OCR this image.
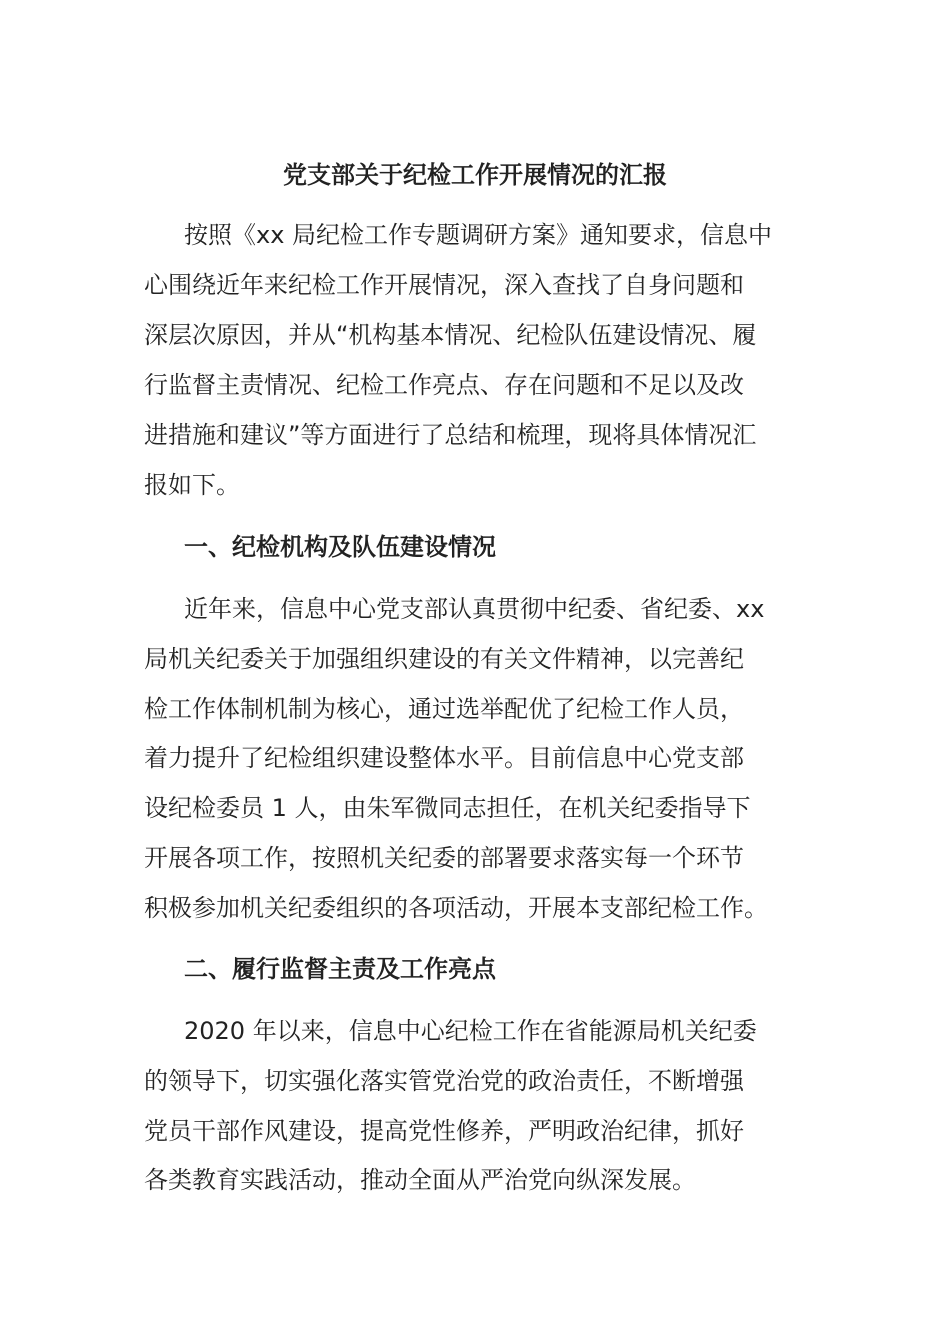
党支部关于纪检工作开展情况的汇报

按照《xx 局纪检工作专题调研方案》通知要求，信息中

心围绕近年来纪检工作开展情况，深入查找了自身问题和

深层次原因，并从“机构基本情况、纪检队伍建设情况、履

行监督主责情况、纪检工作亮点、存在问题和不足以及改

进措施和建议”等方面进行了总结和梳理，现将具体情况汇

报如下。

一、纪检机构及队伍建设情况

近年来，信息中心党支部认真贯彻中纪委、省纪委、xx

局机关纪委关于加强组织建设的有关文件精神，以完善纪

检工作体制机制为核心，通过选举配优了纪检工作人员，

着力提升了纪检组织建设整体水平。目前信息中心党支部

设纪检委员 1 人，由朱军微同志担任，在机关纪委指导下

开展各项工作，按照机关纪委的部署要求落实每一个环节

积极参加机关纪委组织的各项活动，开展本支部纪检工作。

二、履行监督主责及工作亮点

2020 年以来，信息中心纪检工作在省能源局机关纪委

的领导下，切实强化落实管党治党的政治责任，不断增强

党员干部作风建设，提高党性修养，严明政治纪律，抓好

各类教育实践活动，推动全面从严治党向纵深发展。
